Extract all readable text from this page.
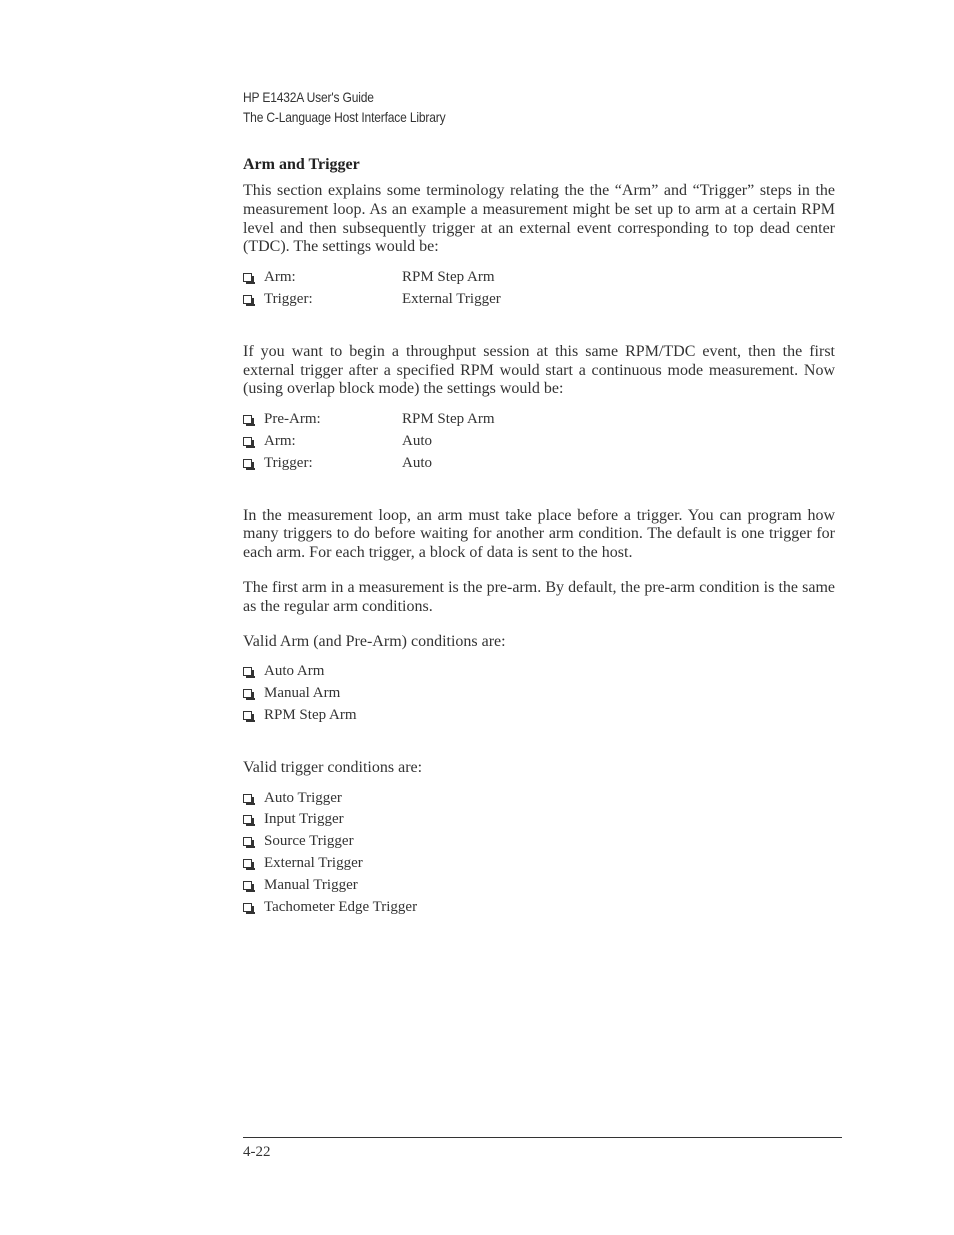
HP E1432A User's Guide
The C-Language Host Interface Library
Arm and Trigger

This section explains some terminology relating the the “Arm” and “Trigger” steps in the measurement loop. As an example a measurement might be set up to arm at a certain RPM level and then subsequently trigger at an external event corresponding to top dead center (TDC). The settings would be:

Arm:	RPM Step Arm
Trigger:	External Trigger

If you want to begin a throughput session at this same RPM/TDC event, then the first external trigger after a specified RPM would start a continuous mode measurement. Now (using overlap block mode) the settings would be:

Pre-Arm:	RPM Step Arm
Arm:	Auto
Trigger:	Auto

In the measurement loop, an arm must take place before a trigger. You can program how many triggers to do before waiting for another arm condition. The default is one trigger for each arm. For each trigger, a block of data is sent to the host.

The first arm in a measurement is the pre-arm. By default, the pre-arm condition is the same as the regular arm conditions.

Valid Arm (and Pre-Arm) conditions are:

Auto Arm
Manual Arm
RPM Step Arm

Valid trigger conditions are:

Auto Trigger
Input Trigger
Source Trigger
External Trigger
Manual Trigger
Tachometer Edge Trigger
4-22
